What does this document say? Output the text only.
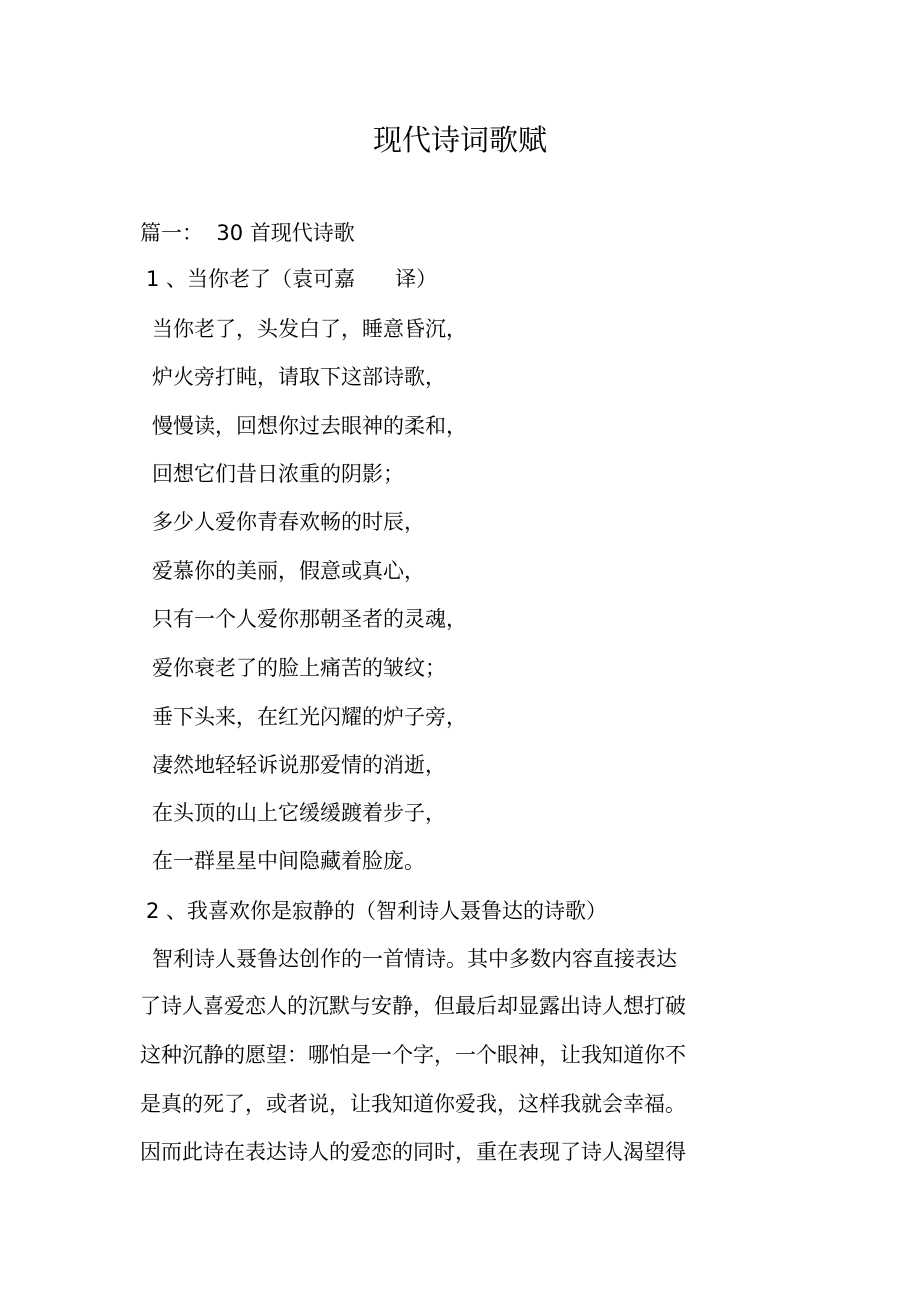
现代诗词歌赋
篇一：  30 首现代诗歌
1 、当你老了（袁可嘉      译）
当你老了，头发白了，睡意昏沉，
炉火旁打盹，请取下这部诗歌，
慢慢读，回想你过去眼神的柔和，
回想它们昔日浓重的阴影；
多少人爱你青春欢畅的时辰，
爱慕你的美丽，假意或真心，
只有一个人爱你那朝圣者的灵魂，
爱你衰老了的脸上痛苦的皱纹；
垂下头来，在红光闪耀的炉子旁，
凄然地轻轻诉说那爱情的消逝，
在头顶的山上它缓缓踱着步子，
在一群星星中间隐藏着脸庞。
2 、我喜欢你是寂静的（智利诗人聂鲁达的诗歌）
智利诗人聂鲁达创作的一首情诗。其中多数内容直接表达
了诗人喜爱恋人的沉默与安静，但最后却显露出诗人想打破
这种沉静的愿望：哪怕是一个字，一个眼神，让我知道你不
是真的死了，或者说，让我知道你爱我，这样我就会幸福。
因而此诗在表达诗人的爱恋的同时，重在表现了诗人渴望得
